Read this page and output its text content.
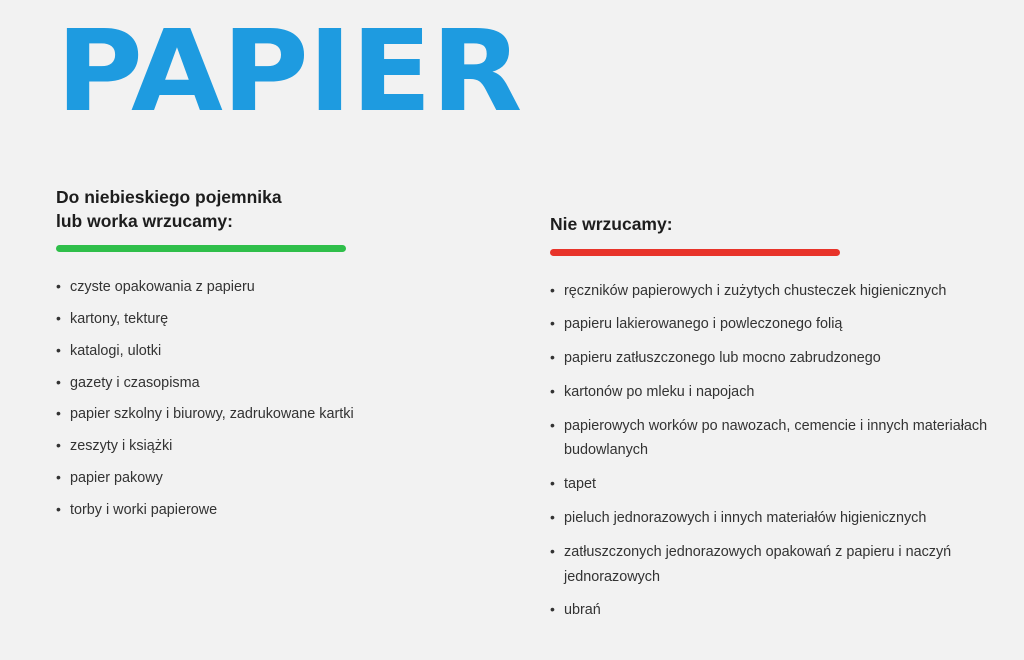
PAPIER
Do niebieskiego pojemnika
lub worka wrzucamy:
• czyste opakowania z papieru
• kartony, tekturę
• katalogi, ulotki
• gazety i czasopisma
• papier szkolny i biurowy, zadrukowane kartki
• zeszyty i książki
• papier pakowy
• torby i worki papierowe
Nie wrzucamy:
• ręczników papierowych i zużytych chusteczek higienicznych
• papieru lakierowanego i powleczonego folią
• papieru zatłuszczonego lub mocno zabrudzonego
• kartonów po mleku i napojach
• papierowych worków po nawozach, cemencie i innych materiałach budowlanych
• tapet
• pieluch jednorazowych i innych materiałów higienicznych
• zatłuszczonych jednorazowych opakowań z papieru i naczyń jednorazowych
• ubrań
